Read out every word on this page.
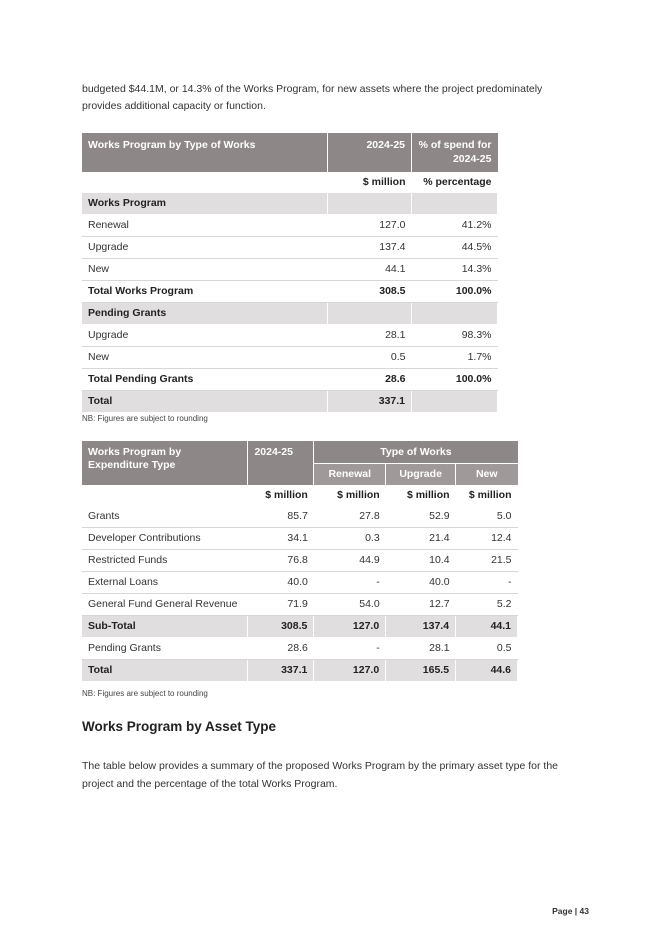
budgeted $44.1M, or 14.3% of the Works Program, for new assets where the project predominately provides additional capacity or function.

Works Program by Type of Works	2024-25	% of spend for 2024-25
	$ million	% percentage
Works Program		
Renewal	127.0	41.2%
Upgrade	137.4	44.5%
New	44.1	14.3%
Total Works Program	308.5	100.0%
Pending Grants		
Upgrade	28.1	98.3%
New	0.5	1.7%
Total Pending Grants	28.6	100.0%
Total	337.1	
NB: Figures are subject to rounding
Works Program by Expenditure Type	2024-25	Type of Works		
		Renewal	Upgrade	New
	$ million	$ million	$ million	$ million
Grants	85.7	27.8	52.9	5.0
Developer Contributions	34.1	0.3	21.4	12.4
Restricted Funds	76.8	44.9	10.4	21.5
External Loans	40.0	-	40.0	-
General Fund General Revenue	71.9	54.0	12.7	5.2
Sub-Total	308.5	127.0	137.4	44.1
Pending Grants	28.6	-	28.1	0.5
Total	337.1	127.0	165.5	44.6
NB: Figures are subject to rounding
Works Program by Asset Type

The table below provides a summary of the proposed Works Program by the primary asset type for the project and the percentage of the total Works Program.

Page | 43
